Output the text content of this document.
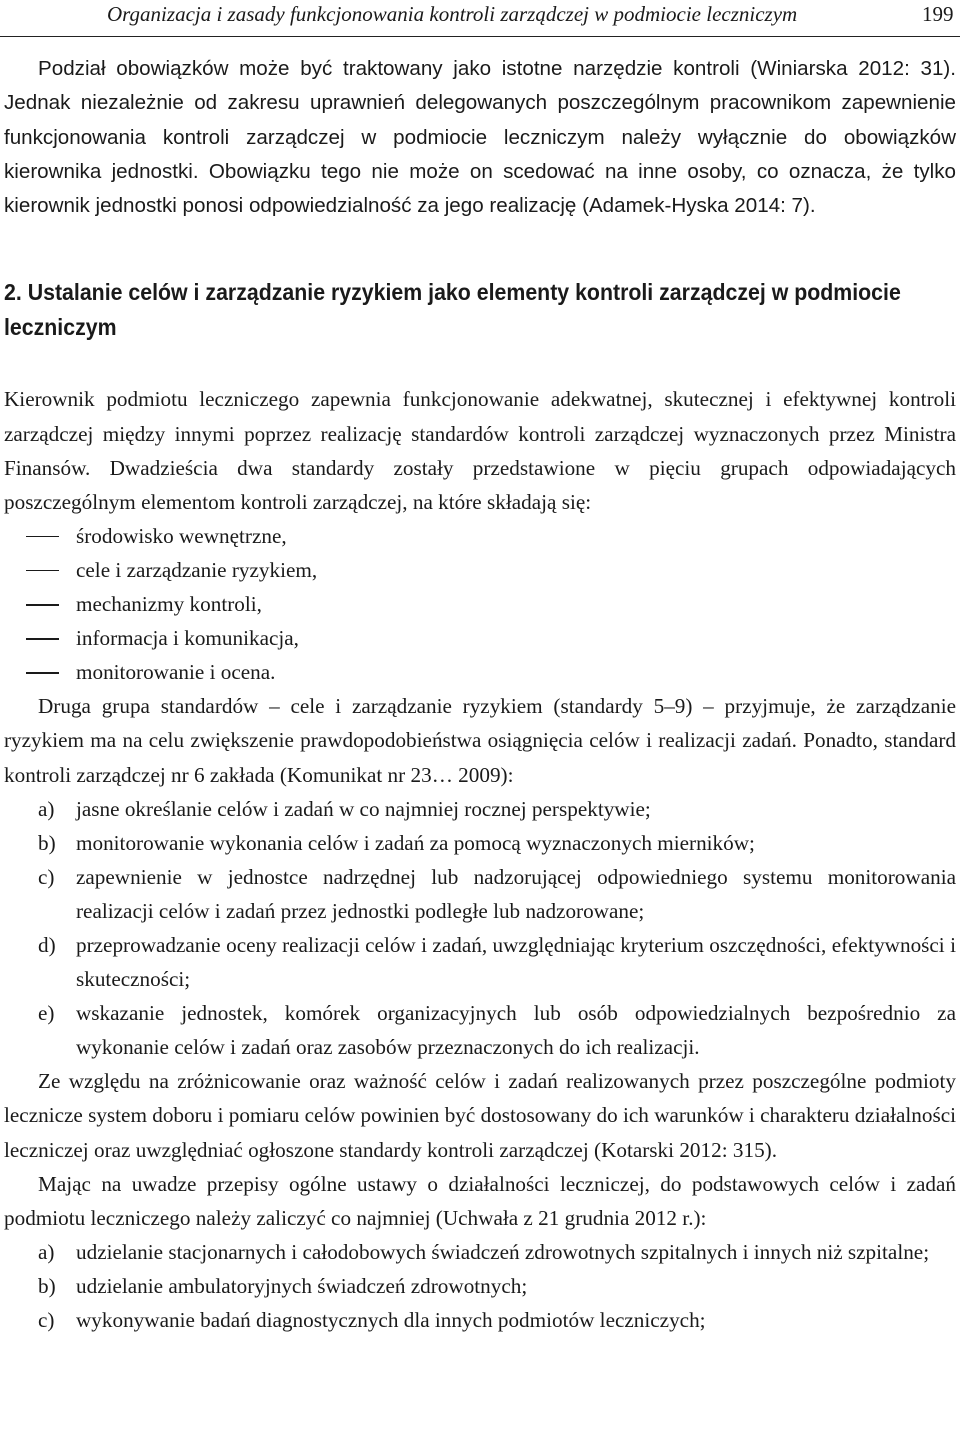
Organizacja i zasady funkcjonowania kontroli zarządczej w podmiocie leczniczym	199

Podział obowiązków może być traktowany jako istotne narzędzie kontroli (Winiarska 2012: 31). Jednak niezależnie od zakresu uprawnień delegowanych poszczególnym pracownikom zapewnienie funkcjonowania kontroli zarządczej w podmiocie leczniczym należy wyłącznie do obowiązków kierownika jednostki. Obowiązku tego nie może on scedować na inne osoby, co oznacza, że tylko kierownik jednostki ponosi odpowiedzialność za jego realizację (Adamek-Hyska 2014: 7).

2. Ustalanie celów i zarządzanie ryzykiem jako elementy kontroli zarządczej w podmiocie leczniczym

Kierownik podmiotu leczniczego zapewnia funkcjonowanie adekwatnej, skutecznej i efektywnej kontroli zarządczej między innymi poprzez realizację standardów kontroli zarządczej wyznaczonych przez Ministra Finansów. Dwadzieścia dwa standardy zostały przedstawione w pięciu grupach odpowiadających poszczególnym elementom kontroli zarządczej, na które składają się:

środowisko wewnętrzne,
cele i zarządzanie ryzykiem,
mechanizmy kontroli,
informacja i komunikacja,
monitorowanie i ocena.

Druga grupa standardów – cele i zarządzanie ryzykiem (standardy 5–9) – przyjmuje, że zarządzanie ryzykiem ma na celu zwiększenie prawdopodobieństwa osiągnięcia celów i realizacji zadań. Ponadto, standard kontroli zarządczej nr 6 zakłada (Komunikat nr 23… 2009):

a) jasne określanie celów i zadań w co najmniej rocznej perspektywie;
b) monitorowanie wykonania celów i zadań za pomocą wyznaczonych mierników;
c) zapewnienie w jednostce nadrzędnej lub nadzorującej odpowiedniego systemu monitorowania realizacji celów i zadań przez jednostki podległe lub nadzorowane;
d) przeprowadzanie oceny realizacji celów i zadań, uwzględniając kryterium oszczędności, efektywności i skuteczności;
e) wskazanie jednostek, komórek organizacyjnych lub osób odpowiedzialnych bezpośrednio za wykonanie celów i zadań oraz zasobów przeznaczonych do ich realizacji.

Ze względu na zróżnicowanie oraz ważność celów i zadań realizowanych przez poszczególne podmioty lecznicze system doboru i pomiaru celów powinien być dostosowany do ich warunków i charakteru działalności leczniczej oraz uwzględniać ogłoszone standardy kontroli zarządczej (Kotarski 2012: 315).

Mając na uwadze przepisy ogólne ustawy o działalności leczniczej, do podstawowych celów i zadań podmiotu leczniczego należy zaliczyć co najmniej (Uchwała z 21 grudnia 2012 r.):

a) udzielanie stacjonarnych i całodobowych świadczeń zdrowotnych szpitalnych i innych niż szpitalne;
b) udzielanie ambulatoryjnych świadczeń zdrowotnych;
c) wykonywanie badań diagnostycznych dla innych podmiotów leczniczych;
